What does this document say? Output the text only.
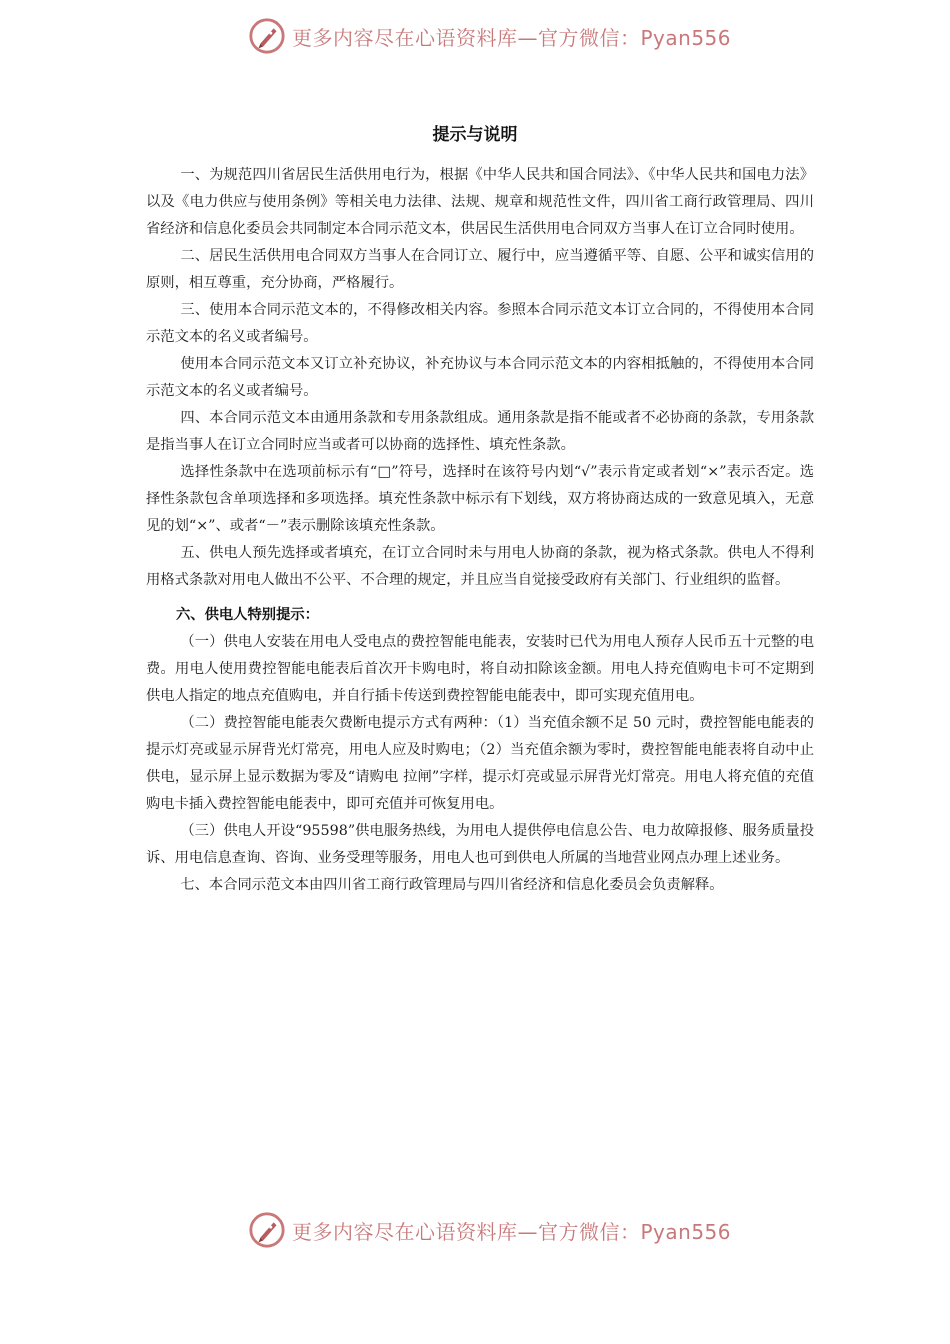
更多内容尽在心语资料库—官方微信：Pyan556
提示与说明

一、为规范四川省居民生活供用电行为，根据《中华人民共和国合同法》、《中华人民共和国电力法》以及《电力供应与使用条例》等相关电力法律、法规、规章和规范性文件，四川省工商行政管理局、四川省经济和信息化委员会共同制定本合同示范文本，供居民生活供用电合同双方当事人在订立合同时使用。

二、居民生活供用电合同双方当事人在合同订立、履行中，应当遵循平等、自愿、公平和诚实信用的原则，相互尊重，充分协商，严格履行。

三、使用本合同示范文本的，不得修改相关内容。参照本合同示范文本订立合同的，不得使用本合同示范文本的名义或者编号。

使用本合同示范文本又订立补充协议，补充协议与本合同示范文本的内容相抵触的，不得使用本合同示范文本的名义或者编号。

四、本合同示范文本由通用条款和专用条款组成。通用条款是指不能或者不必协商的条款，专用条款是指当事人在订立合同时应当或者可以协商的选择性、填充性条款。

选择性条款中在选项前标示有“□”符号，选择时在该符号内划“√”表示肯定或者划“×”表示否定。选择性条款包含单项选择和多项选择。填充性条款中标示有下划线，双方将协商达成的一致意见填入，无意见的划“×”、或者“－”表示删除该填充性条款。

五、供电人预先选择或者填充，在订立合同时未与用电人协商的条款，视为格式条款。供电人不得利用格式条款对用电人做出不公平、不合理的规定，并且应当自觉接受政府有关部门、行业组织的监督。

六、供电人特别提示：

（一）供电人安装在用电人受电点的费控智能电能表，安装时已代为用电人预存人民币五十元整的电费。用电人使用费控智能电能表后首次开卡购电时，将自动扣除该金额。用电人持充值购电卡可不定期到供电人指定的地点充值购电，并自行插卡传送到费控智能电能表中，即可实现充值用电。

（二）费控智能电能表欠费断电提示方式有两种：（1）当充值余额不足 50 元时，费控智能电能表的提示灯亮或显示屏背光灯常亮，用电人应及时购电；（2）当充值余额为零时，费控智能电能表将自动中止供电，显示屏上显示数据为零及“请购电 拉闸”字样，提示灯亮或显示屏背光灯常亮。用电人将充值的充值购电卡插入费控智能电能表中，即可充值并可恢复用电。

（三）供电人开设“95598”供电服务热线，为用电人提供停电信息公告、电力故障报修、服务质量投诉、用电信息查询、咨询、业务受理等服务，用电人也可到供电人所属的当地营业网点办理上述业务。

七、本合同示范文本由四川省工商行政管理局与四川省经济和信息化委员会负责解释。

更多内容尽在心语资料库—官方微信：Pyan556
